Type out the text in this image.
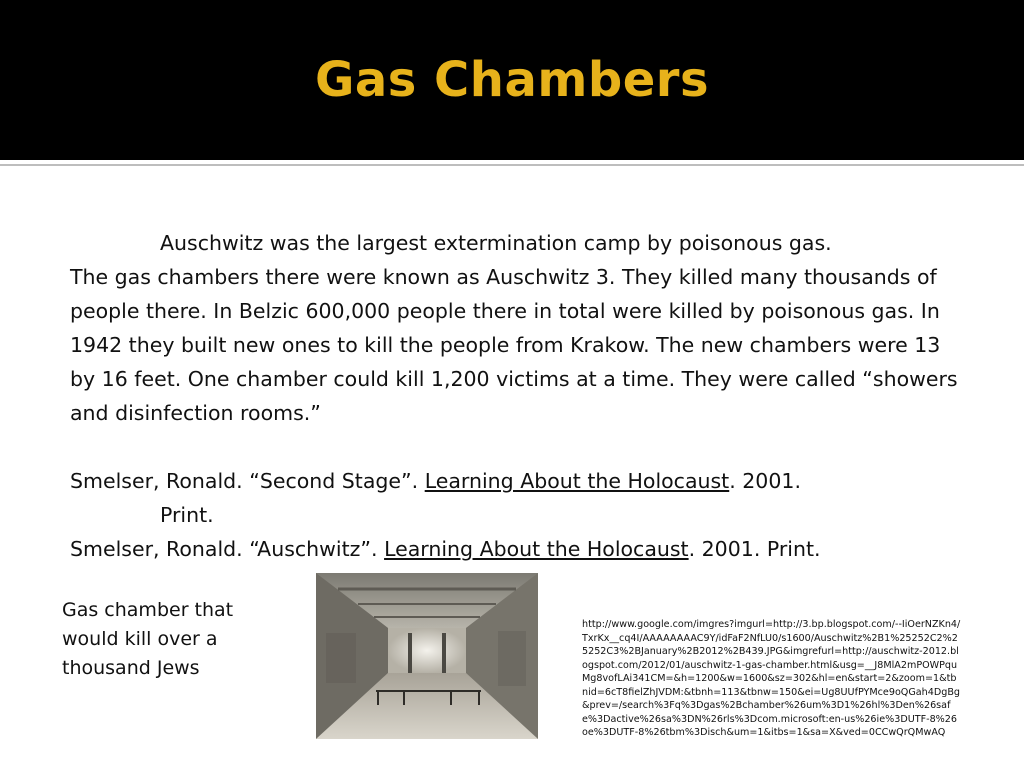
Gas Chambers
Auschwitz was the largest extermination camp by poisonous gas.
The gas chambers there were known as Auschwitz 3. They killed many thousands of people there. In Belzic 600,000 people there in total were killed by poisonous gas. In 1942 they built new ones to kill the people from Krakow. The new chambers were 13 by 16 feet. One chamber could kill 1,200 victims at a time. They were called “showers and disinfection rooms.”
Smelser, Ronald. “Second Stage”. Learning About the Holocaust. 2001.
Print.
Smelser, Ronald. “Auschwitz”. Learning About the Holocaust. 2001. Print.
Gas chamber that would kill over a thousand Jews
http://www.google.com/imgres?imgurl=http://3.bp.blogspot.com/--IiOerNZKn4/TxrKx__cq4I/AAAAAAAAC9Y/idFaF2NfLU0/s1600/Auschwitz%2B1%25252C2%25252C3%2BJanuary%2B2012%2B439.JPG&imgrefurl=http://auschwitz-2012.blogspot.com/2012/01/auschwitz-1-gas-chamber.html&usg=__J8MlA2mPOWPquMg8vofLAi341CM=&h=1200&w=1600&sz=302&hl=en&start=2&zoom=1&tbnid=6cT8fielZhJVDM:&tbnh=113&tbnw=150&ei=Ug8UUfPYMce9oQGah4DgBg&prev=/search%3Fq%3Dgas%2Bchamber%26um%3D1%26hl%3Den%26safe%3Dactive%26sa%3DN%26rls%3Dcom.microsoft:en-us%26ie%3DUTF-8%26oe%3DUTF-8%26tbm%3Disch&um=1&itbs=1&sa=X&ved=0CCwQrQMwAQ
